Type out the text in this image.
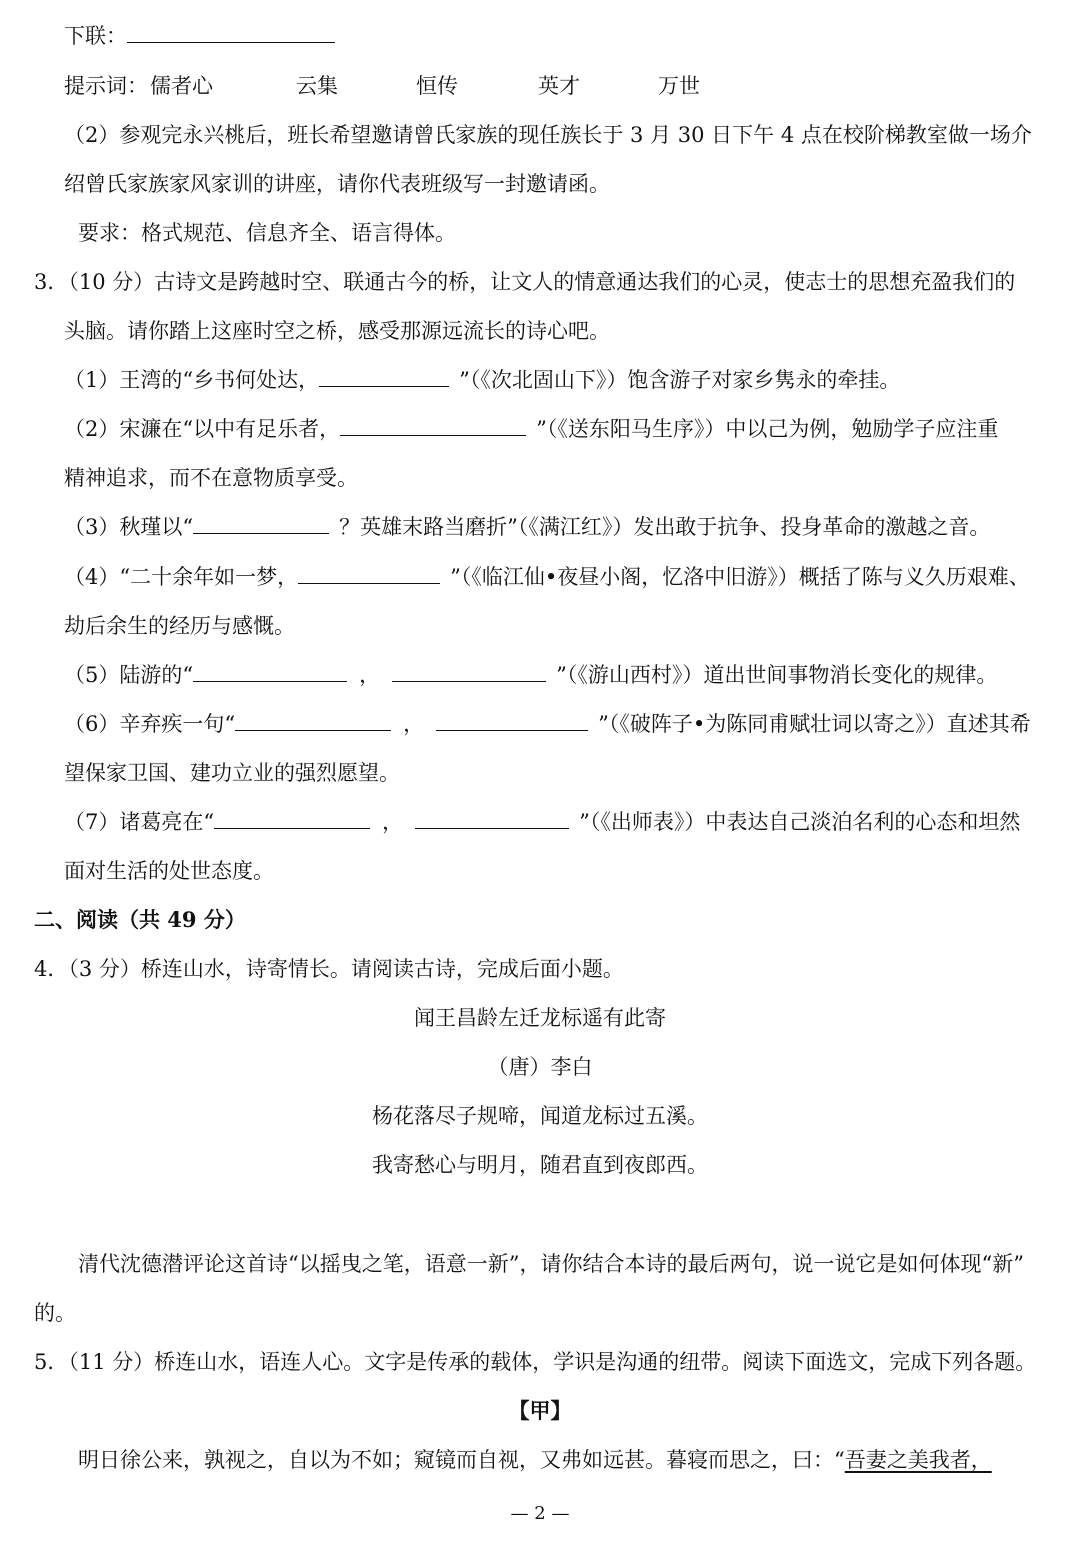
下联：
提示词： 儒者心	云集	恒传	英才	万世
（2）参观完永兴桃后，班长希望邀请曾氏家族的现任族长于 3 月 30 日下午 4 点在校阶梯教室做一场介
绍曾氏家族家风家训的讲座，请你代表班级写一封邀请函。
要求：格式规范、信息齐全、语言得体。
3．（10 分）古诗文是跨越时空、联通古今的桥，让文人的情意通达我们的心灵，使志士的思想充盈我们的
头脑。请你踏上这座时空之桥，感受那源远流长的诗心吧。
（1）王湾的“乡书何处达，	”（《次北固山下》）饱含游子对家乡隽永的牵挂。
（2）宋濂在“以中有足乐者，	”（《送东阳马生序》）中以己为例，勉励学子应注重
精神追求，而不在意物质享受。
（3）秋瑾以“	？英雄末路当磨折”（《满江红》）发出敢于抗争、投身革命的激越之音。
（4）“二十余年如一梦，	”（《临江仙•夜昼小阁，忆洛中旧游》）概括了陈与义久历艰难、
劫后余生的经历与感慨。
（5）陆游的“	，	”（《游山西村》）道出世间事物消长变化的规律。
（6）辛弃疾一句“	，	”（《破阵子•为陈同甫赋壮词以寄之》）直述其希
望保家卫国、建功立业的强烈愿望。
（7）诸葛亮在“	，	”（《出师表》）中表达自己淡泊名利的心态和坦然
面对生活的处世态度。
二、阅读（共 49 分）
4．（3 分）桥连山水，诗寄情长。请阅读古诗，完成后面小题。
闻王昌龄左迁龙标遥有此寄
（唐）李白
杨花落尽子规啼，闻道龙标过五溪。
我寄愁心与明月，随君直到夜郎西。
清代沈德潜评论这首诗“以摇曳之笔，语意一新”，请你结合本诗的最后两句，说一说它是如何体现“新”
的。
5．（11 分）桥连山水，语连人心。文字是传承的载体，学识是沟通的纽带。阅读下面选文，完成下列各题。
【甲】
明日徐公来，孰视之，自以为不如；窥镜而自视，又弗如远甚。暮寝而思之，曰：“吾妻之美我者，
— 2 —
